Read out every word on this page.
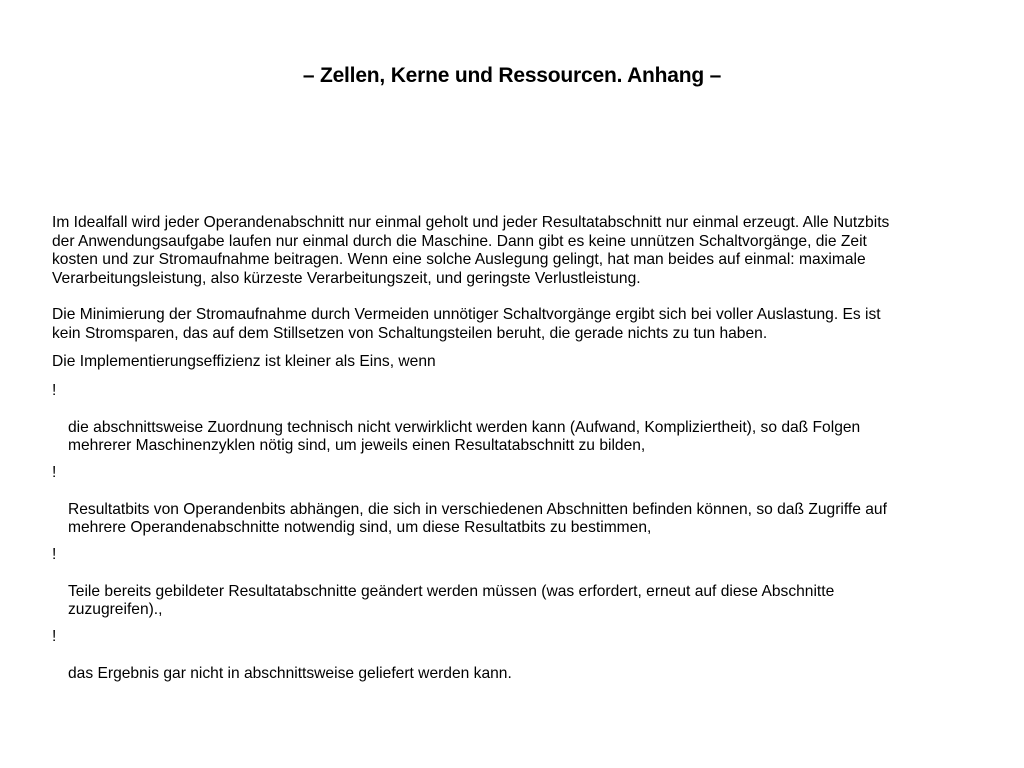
– Zellen, Kerne und Ressourcen. Anhang –

Im Idealfall wird jeder Operandenabschnitt nur einmal geholt und jeder Resultatabschnitt nur einmal erzeugt. Alle Nutzbits
der Anwendungsaufgabe laufen nur einmal durch die Maschine. Dann gibt es keine unnützen Schaltvorgänge, die Zeit
kosten und zur Stromaufnahme beitragen. Wenn eine solche Auslegung gelingt, hat man beides auf einmal: maximale
Verarbeitungsleistung, also kürzeste Verarbeitungszeit, und geringste Verlustleistung.

Die Minimierung der Stromaufnahme durch Vermeiden unnötiger Schaltvorgänge ergibt sich bei voller Auslastung. Es ist
kein Stromsparen, das auf dem Stillsetzen von Schaltungsteilen beruht, die gerade nichts zu tun haben.

Die Implementierungseffizienz ist kleiner als Eins, wenn

!

die abschnittsweise Zuordnung technisch nicht verwirklicht werden kann (Aufwand, Kompliziertheit), so daß Folgen
mehrerer Maschinenzyklen nötig sind, um jeweils einen Resultatabschnitt zu bilden,

!

Resultatbits von Operandenbits abhängen, die sich in verschiedenen Abschnitten befinden können, so daß Zugriffe auf
mehrere Operandenabschnitte notwendig sind, um diese Resultatbits zu bestimmen,

!

Teile bereits gebildeter Resultatabschnitte geändert werden müssen (was erfordert, erneut auf diese Abschnitte
zuzugreifen).,

!

das Ergebnis gar nicht in abschnittsweise geliefert werden kann.
